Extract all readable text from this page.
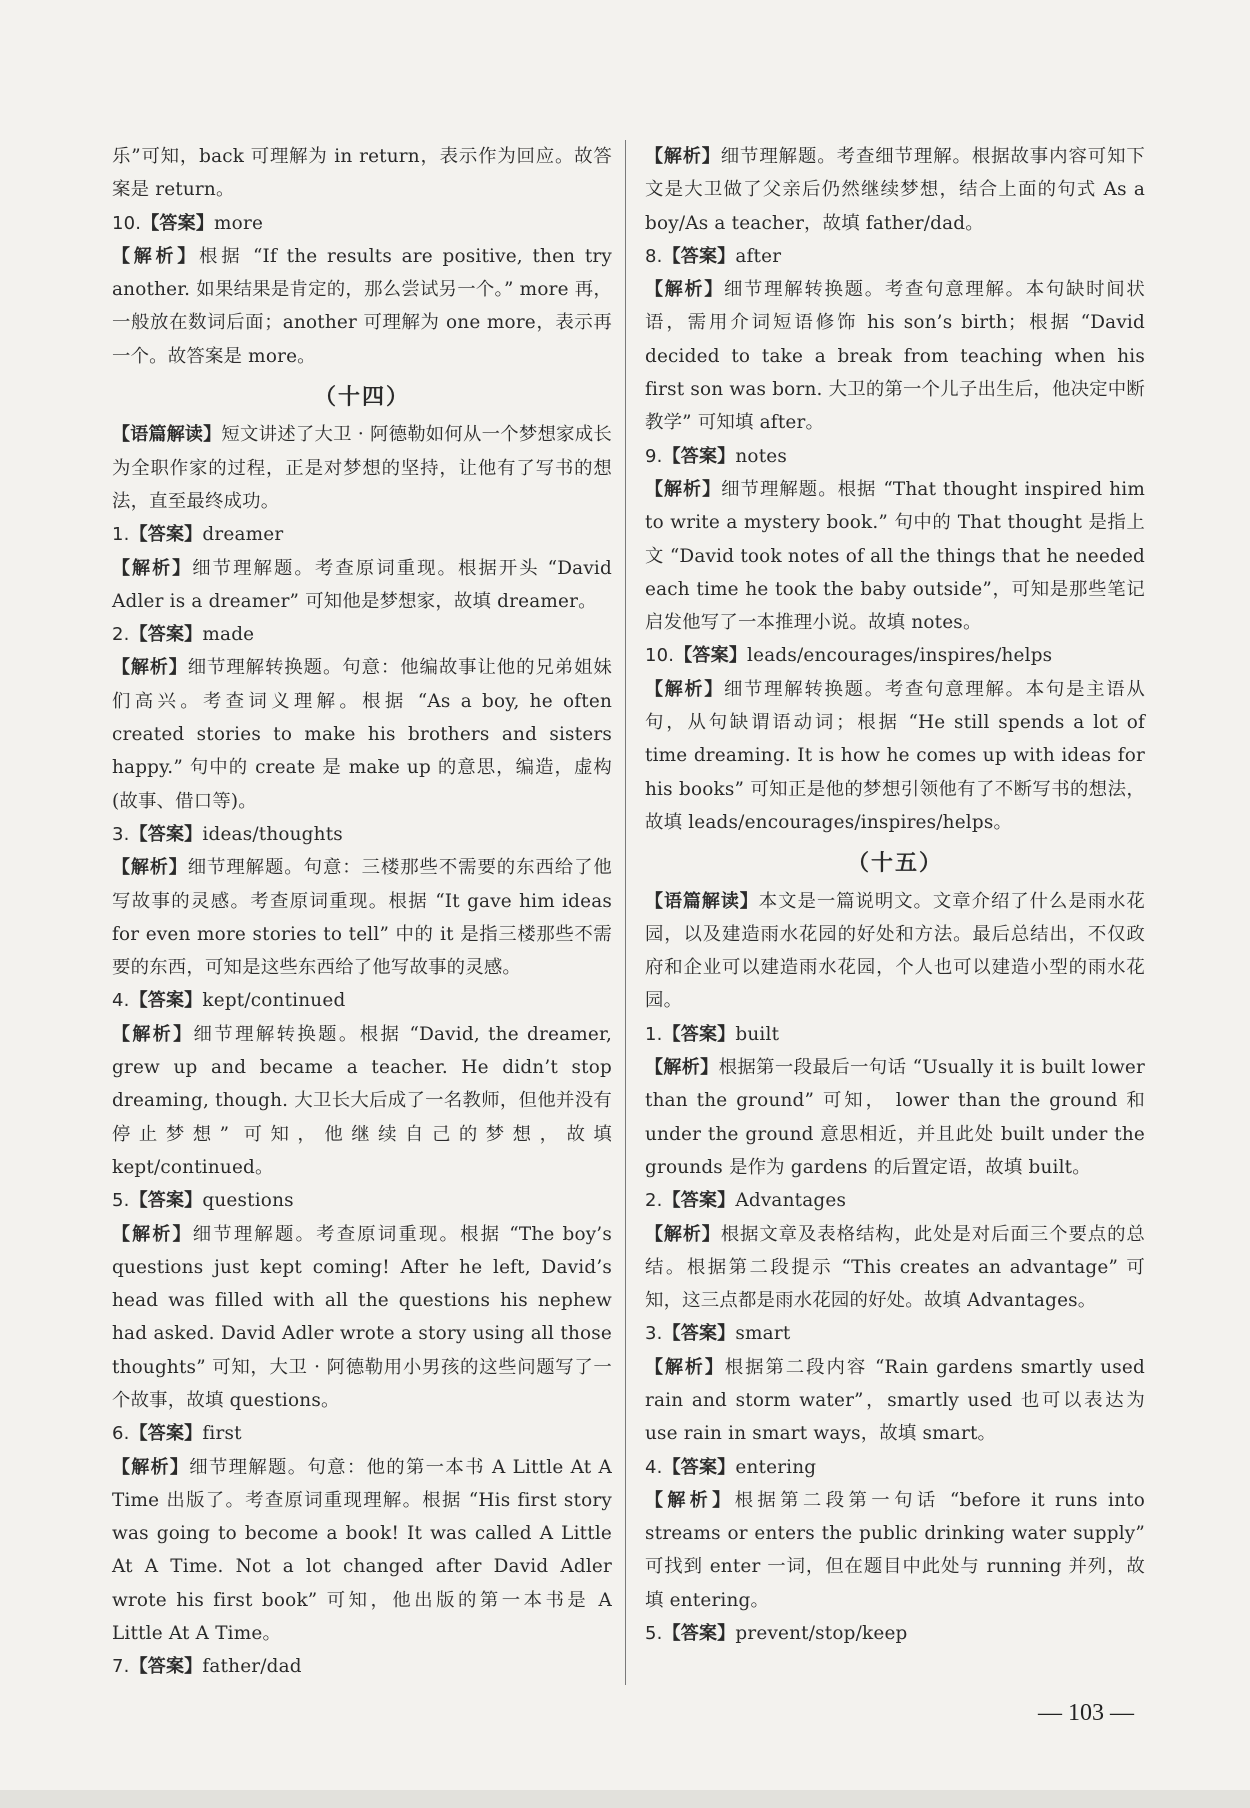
乐”可知，back 可理解为 in return，表示作为回应。故答案是 return。

10.【答案】more

【解析】根据 “If the results are positive, then try another. 如果结果是肯定的，那么尝试另一个。” more 再，一般放在数词后面；another 可理解为 one more，表示再一个。故答案是 more。

（十四）

【语篇解读】短文讲述了大卫 · 阿德勒如何从一个梦想家成长为全职作家的过程，正是对梦想的坚持，让他有了写书的想法，直至最终成功。

1.【答案】dreamer

【解析】细节理解题。考查原词重现。根据开头 “David Adler is a dreamer” 可知他是梦想家，故填 dreamer。

2.【答案】made

【解析】细节理解转换题。句意：他编故事让他的兄弟姐妹们高兴。考查词义理解。根据 “As a boy, he often created stories to make his brothers and sisters happy.” 句中的 create 是 make up 的意思，编造，虚构(故事、借口等)。

3.【答案】ideas/thoughts

【解析】细节理解题。句意：三楼那些不需要的东西给了他写故事的灵感。考查原词重现。根据 “It gave him ideas for even more stories to tell” 中的 it 是指三楼那些不需要的东西，可知是这些东西给了他写故事的灵感。

4.【答案】kept/continued

【解析】细节理解转换题。根据 “David, the dreamer, grew up and became a teacher. He didn’t stop dreaming, though. 大卫长大后成了一名教师，但他并没有停止梦想” 可知，他继续自己的梦想，故填 kept/continued。

5.【答案】questions

【解析】细节理解题。考查原词重现。根据 “The boy’s questions just kept coming! After he left, David’s head was filled with all the questions his nephew had asked. David Adler wrote a story using all those thoughts” 可知，大卫 · 阿德勒用小男孩的这些问题写了一个故事，故填 questions。

6.【答案】first

【解析】细节理解题。句意：他的第一本书 A Little At A Time 出版了。考查原词重现理解。根据 “His first story was going to become a book! It was called A Little At A Time. Not a lot changed after David Adler wrote his first book” 可知，他出版的第一本书是 A Little At A Time。

7.【答案】father/dad

【解析】细节理解题。考查细节理解。根据故事内容可知下文是大卫做了父亲后仍然继续梦想，结合上面的句式 As a boy/As a teacher，故填 father/dad。

8.【答案】after

【解析】细节理解转换题。考查句意理解。本句缺时间状语，需用介词短语修饰 his son’s birth；根据 “David decided to take a break from teaching when his first son was born. 大卫的第一个儿子出生后，他决定中断教学” 可知填 after。

9.【答案】notes

【解析】细节理解题。根据 “That thought inspired him to write a mystery book.” 句中的 That thought 是指上文 “David took notes of all the things that he needed each time he took the baby outside”，可知是那些笔记启发他写了一本推理小说。故填 notes。

10.【答案】leads/encourages/inspires/helps

【解析】细节理解转换题。考查句意理解。本句是主语从句，从句缺谓语动词；根据 “He still spends a lot of time dreaming. It is how he comes up with ideas for his books” 可知正是他的梦想引领他有了不断写书的想法，故填 leads/encourages/inspires/helps。

（十五）

【语篇解读】本文是一篇说明文。文章介绍了什么是雨水花园，以及建造雨水花园的好处和方法。最后总结出，不仅政府和企业可以建造雨水花园，个人也可以建造小型的雨水花园。

1.【答案】built

【解析】根据第一段最后一句话 “Usually it is built lower than the ground” 可知， lower than the ground 和 under the ground 意思相近，并且此处 built under the grounds 是作为 gardens 的后置定语，故填 built。

2.【答案】Advantages

【解析】根据文章及表格结构，此处是对后面三个要点的总结。根据第二段提示 “This creates an advantage” 可知，这三点都是雨水花园的好处。故填 Advantages。

3.【答案】smart

【解析】根据第二段内容 “Rain gardens smartly used rain and storm water”，smartly used 也可以表达为 use rain in smart ways，故填 smart。

4.【答案】entering

【解析】根据第二段第一句话 “before it runs into streams or enters the public drinking water supply” 可找到 enter 一词，但在题目中此处与 running 并列，故填 entering。

5.【答案】prevent/stop/keep

— 103 —
